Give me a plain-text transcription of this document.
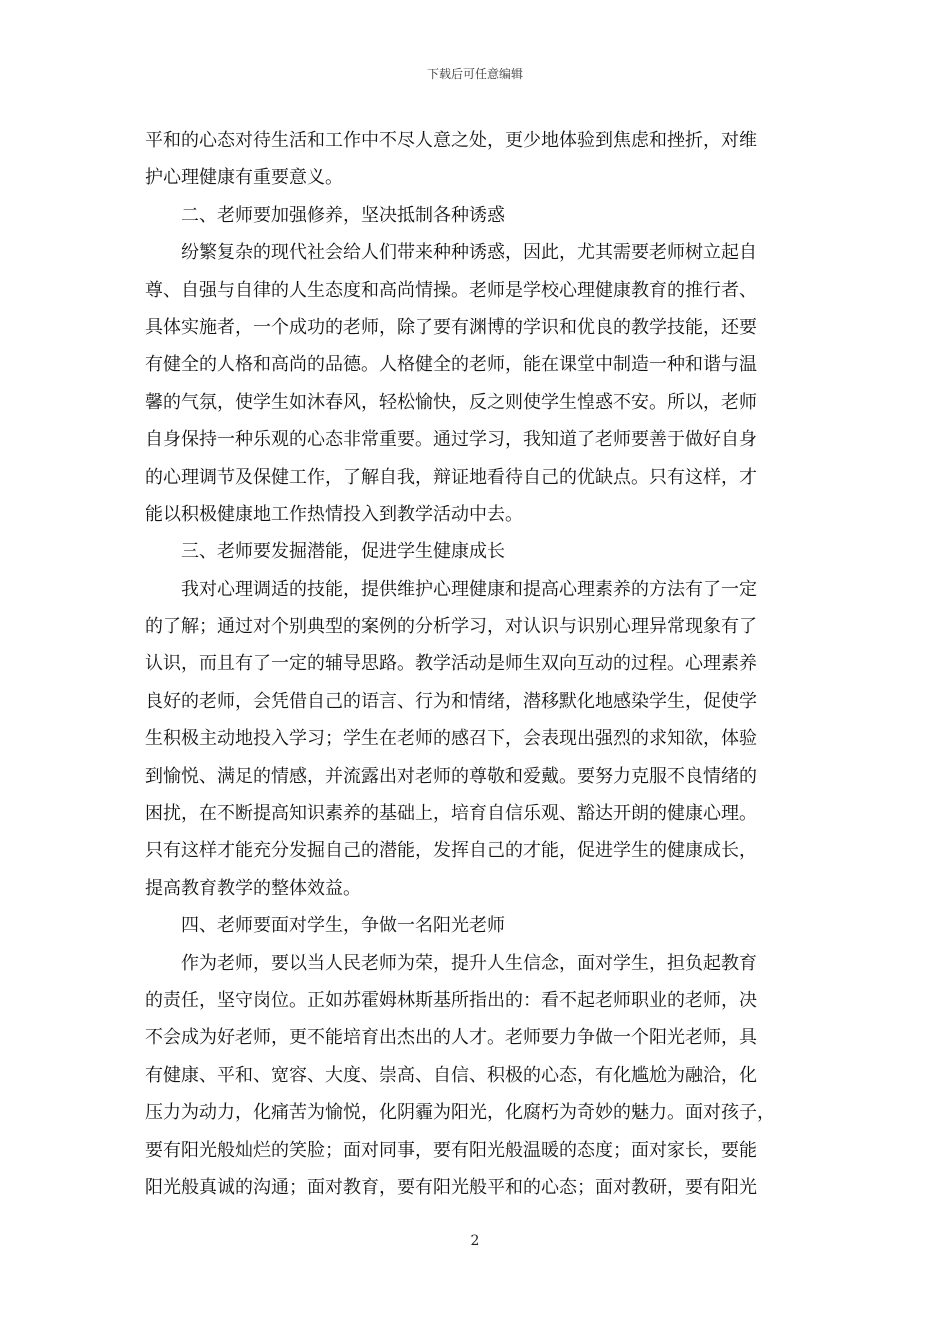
下载后可任意编辑
平和的心态对待生活和工作中不尽人意之处，更少地体验到焦虑和挫折，对维
护心理健康有重要意义。
二、老师要加强修养，坚决抵制各种诱惑
纷繁复杂的现代社会给人们带来种种诱惑，因此，尤其需要老师树立起自
尊、自强与自律的人生态度和高尚情操。老师是学校心理健康教育的推行者、
具体实施者，一个成功的老师，除了要有渊博的学识和优良的教学技能，还要
有健全的人格和高尚的品德。人格健全的老师，能在课堂中制造一种和谐与温
馨的气氛，使学生如沐春风，轻松愉快，反之则使学生惶惑不安。所以，老师
自身保持一种乐观的心态非常重要。通过学习，我知道了老师要善于做好自身
的心理调节及保健工作，了解自我，辩证地看待自己的优缺点。只有这样，才
能以积极健康地工作热情投入到教学活动中去。
三、老师要发掘潜能，促进学生健康成长
我对心理调适的技能，提供维护心理健康和提高心理素养的方法有了一定
的了解；通过对个别典型的案例的分析学习，对认识与识别心理异常现象有了
认识，而且有了一定的辅导思路。教学活动是师生双向互动的过程。心理素养
良好的老师，会凭借自己的语言、行为和情绪，潜移默化地感染学生，促使学
生积极主动地投入学习；学生在老师的感召下，会表现出强烈的求知欲，体验
到愉悦、满足的情感，并流露出对老师的尊敬和爱戴。要努力克服不良情绪的
困扰，在不断提高知识素养的基础上，培育自信乐观、豁达开朗的健康心理。
只有这样才能充分发掘自己的潜能，发挥自己的才能，促进学生的健康成长，
提高教育教学的整体效益。
四、老师要面对学生，争做一名阳光老师
作为老师，要以当人民老师为荣，提升人生信念，面对学生，担负起教育
的责任，坚守岗位。正如苏霍姆林斯基所指出的：看不起老师职业的老师，决
不会成为好老师，更不能培育出杰出的人才。老师要力争做一个阳光老师，具
有健康、平和、宽容、大度、崇高、自信、积极的心态，有化尴尬为融洽，化
压力为动力，化痛苦为愉悦，化阴霾为阳光，化腐朽为奇妙的魅力。面对孩子，
要有阳光般灿烂的笑脸；面对同事，要有阳光般温暖的态度；面对家长，要能
阳光般真诚的沟通；面对教育，要有阳光般平和的心态；面对教研，要有阳光
2
